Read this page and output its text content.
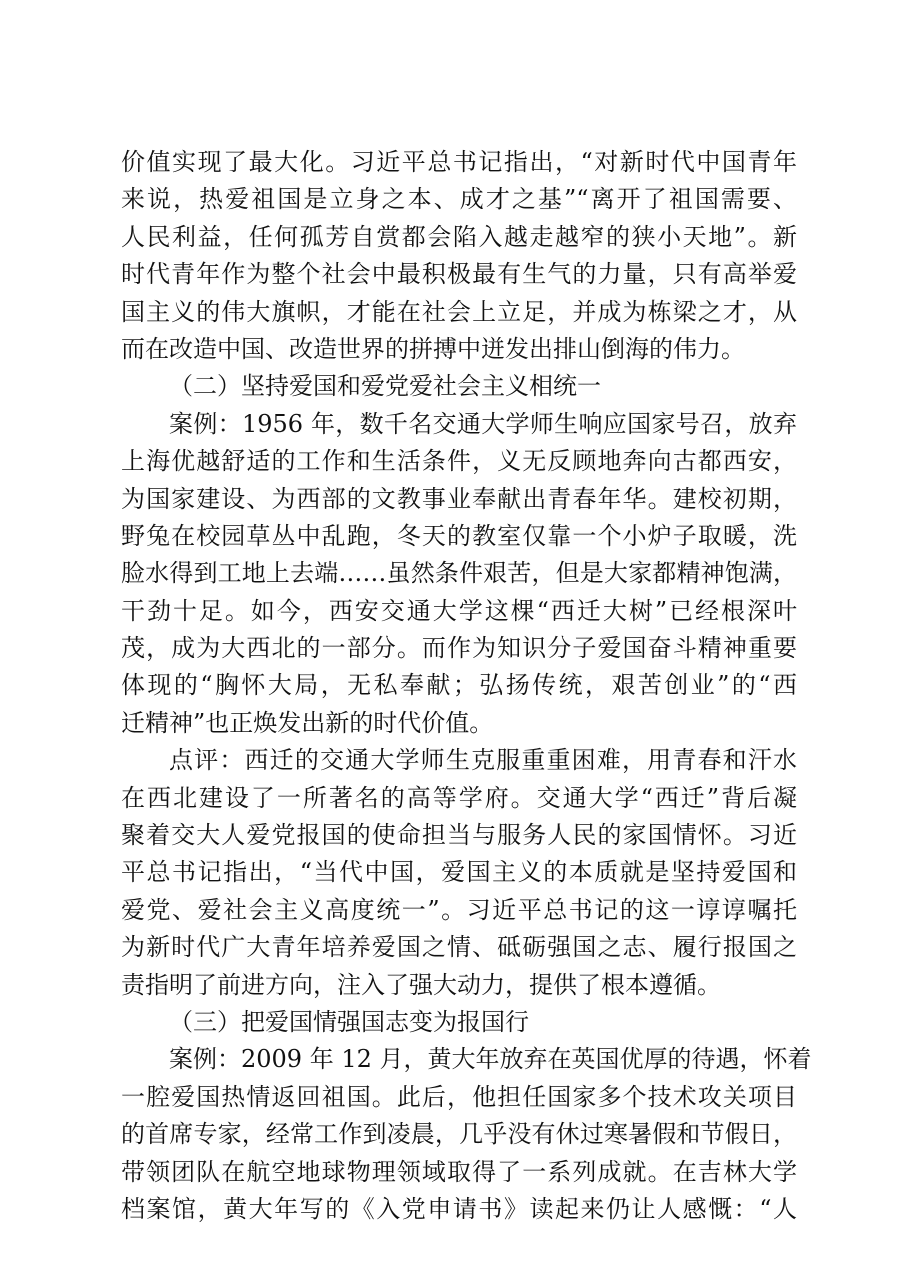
价值实现了最大化。习近平总书记指出，“对新时代中国青年
来说，热爱祖国是立身之本、成才之基”“离开了祖国需要、
人民利益，任何孤芳自赏都会陷入越走越窄的狭小天地”。新
时代青年作为整个社会中最积极最有生气的力量，只有高举爱
国主义的伟大旗帜，才能在社会上立足，并成为栋梁之才，从
而在改造中国、改造世界的拼搏中迸发出排山倒海的伟力。
（二）坚持爱国和爱党爱社会主义相统一
案例：1956 年，数千名交通大学师生响应国家号召，放弃
上海优越舒适的工作和生活条件，义无反顾地奔向古都西安，
为国家建设、为西部的文教事业奉献出青春年华。建校初期，
野兔在校园草丛中乱跑，冬天的教室仅靠一个小炉子取暖，洗
脸水得到工地上去端……虽然条件艰苦，但是大家都精神饱满，
干劲十足。如今，西安交通大学这棵“西迁大树”已经根深叶
茂，成为大西北的一部分。而作为知识分子爱国奋斗精神重要
体现的“胸怀大局，无私奉献；弘扬传统，艰苦创业”的“西
迁精神”也正焕发出新的时代价值。
点评：西迁的交通大学师生克服重重困难，用青春和汗水
在西北建设了一所著名的高等学府。交通大学“西迁”背后凝
聚着交大人爱党报国的使命担当与服务人民的家国情怀。习近
平总书记指出，“当代中国，爱国主义的本质就是坚持爱国和
爱党、爱社会主义高度统一”。习近平总书记的这一谆谆嘱托
为新时代广大青年培养爱国之情、砥砺强国之志、履行报国之
责指明了前进方向，注入了强大动力，提供了根本遵循。
（三）把爱国情强国志变为报国行
案例：2009 年 12 月，黄大年放弃在英国优厚的待遇，怀着
一腔爱国热情返回祖国。此后，他担任国家多个技术攻关项目
的首席专家，经常工作到凌晨，几乎没有休过寒暑假和节假日，
带领团队在航空地球物理领域取得了一系列成就。在吉林大学
档案馆，黄大年写的《入党申请书》读起来仍让人感慨：“人
